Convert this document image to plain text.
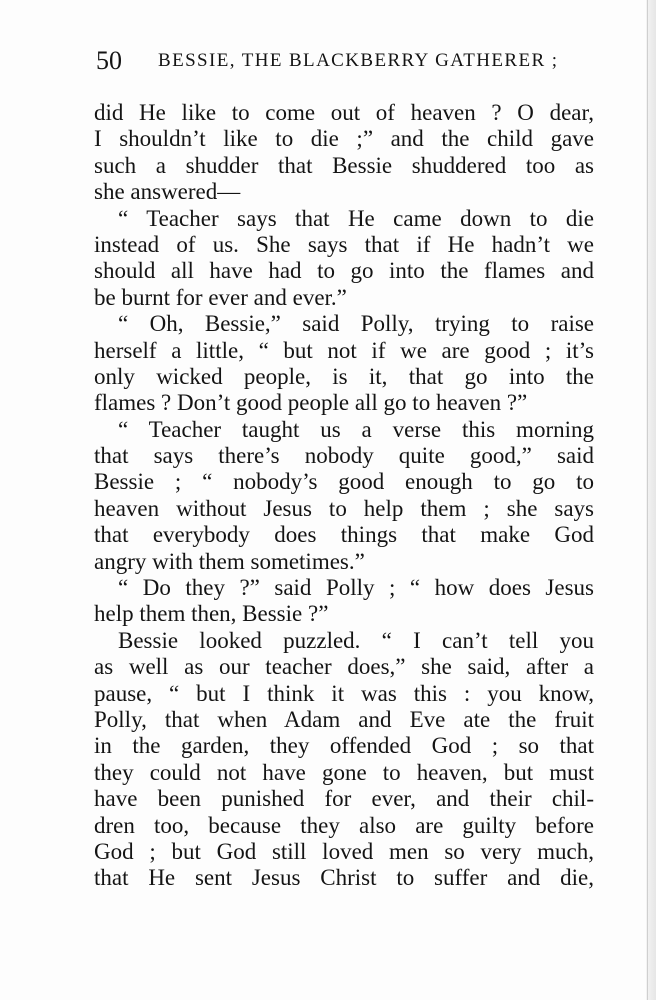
50 BESSIE, THE BLACKBERRY GATHERER ;
did He like to come out of heaven ? O dear,
I shouldn’t like to die ;” and the child gave
such a shudder that Bessie shuddered too as
she answered—
“ Teacher says that He came down to die
instead of us. She says that if He hadn’t we
should all have had to go into the flames and
be burnt for ever and ever.”
“ Oh, Bessie,” said Polly, trying to raise
herself a little, “ but not if we are good ; it’s
only wicked people, is it, that go into the
flames ? Don’t good people all go to heaven ?”
“ Teacher taught us a verse this morning
that says there’s nobody quite good,” said
Bessie ; “ nobody’s good enough to go to
heaven without Jesus to help them ; she says
that everybody does things that make God
angry with them sometimes.”
“ Do they ?” said Polly ; “ how does Jesus
help them then, Bessie ?”
Bessie looked puzzled. “ I can’t tell you
as well as our teacher does,” she said, after a
pause, “ but I think it was this : you know,
Polly, that when Adam and Eve ate the fruit
in the garden, they offended God ; so that
they could not have gone to heaven, but must
have been punished for ever, and their chil-
dren too, because they also are guilty before
God ; but God still loved men so very much,
that He sent Jesus Christ to suffer and die,
